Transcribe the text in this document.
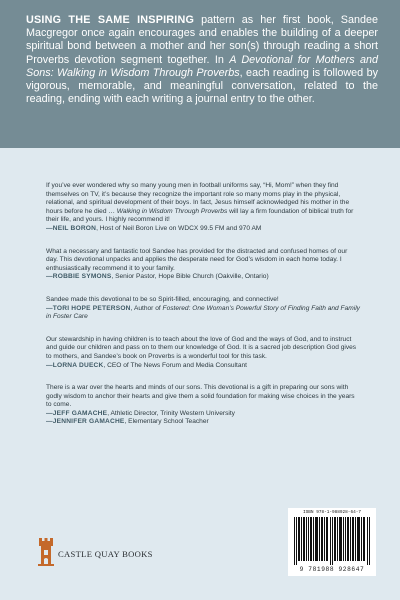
USING THE SAME INSPIRING pattern as her first book, Sandee Macgregor once again encourages and enables the building of a deeper spiritual bond between a mother and her son(s) through reading a short Proverbs devotion segment together. In A Devotional for Mothers and Sons: Walking in Wisdom Through Proverbs, each reading is followed by vigorous, memorable, and meaningful conversation, related to the reading, ending with each writing a journal entry to the other.

If you’ve ever wondered why so many young men in football uniforms say, “Hi, Mom!” when they find themselves on TV, it’s because they recognize the important role so many moms play in the physical, relational, and spiritual development of their boys. In fact, Jesus himself acknowledged his mother in the hours before he died … Walking in Wisdom Through Proverbs will lay a firm foundation of biblical truth for their life, and yours. I highly recommend it!

—NEIL BORON, Host of Neil Boron Live on WDCX 99.5 FM and 970 AM

What a necessary and fantastic tool Sandee has provided for the distracted and confused homes of our day. This devotional unpacks and applies the desperate need for God’s wisdom in each home today. I enthusiastically recommend it to your family.

—ROBBIE SYMONS, Senior Pastor, Hope Bible Church (Oakville, Ontario)

Sandee made this devotional to be so Spirit-filled, encouraging, and connective!

—TORI HOPE PETERSON, Author of Fostered: One Woman’s Powerful Story of Finding Faith and Family in Foster Care

Our stewardship in having children is to teach about the love of God and the ways of God, and to instruct and guide our children and pass on to them our knowledge of God. It is a sacred job description God gives to mothers, and Sandee’s book on Proverbs is a wonderful tool for this task.

—LORNA DUECK, CEO of The News Forum and Media Consultant

There is a war over the hearts and minds of our sons. This devotional is a gift in preparing our sons with godly wisdom to anchor their hearts and give them a solid foundation for making wise choices in the years to come.

—JEFF GAMACHE, Athletic Director, Trinity Western University

—JENNIFER GAMACHE, Elementary School Teacher

CASTLE QUAY BOOKS
ISBN 978-1-988928-64-7
9 781988 928647
